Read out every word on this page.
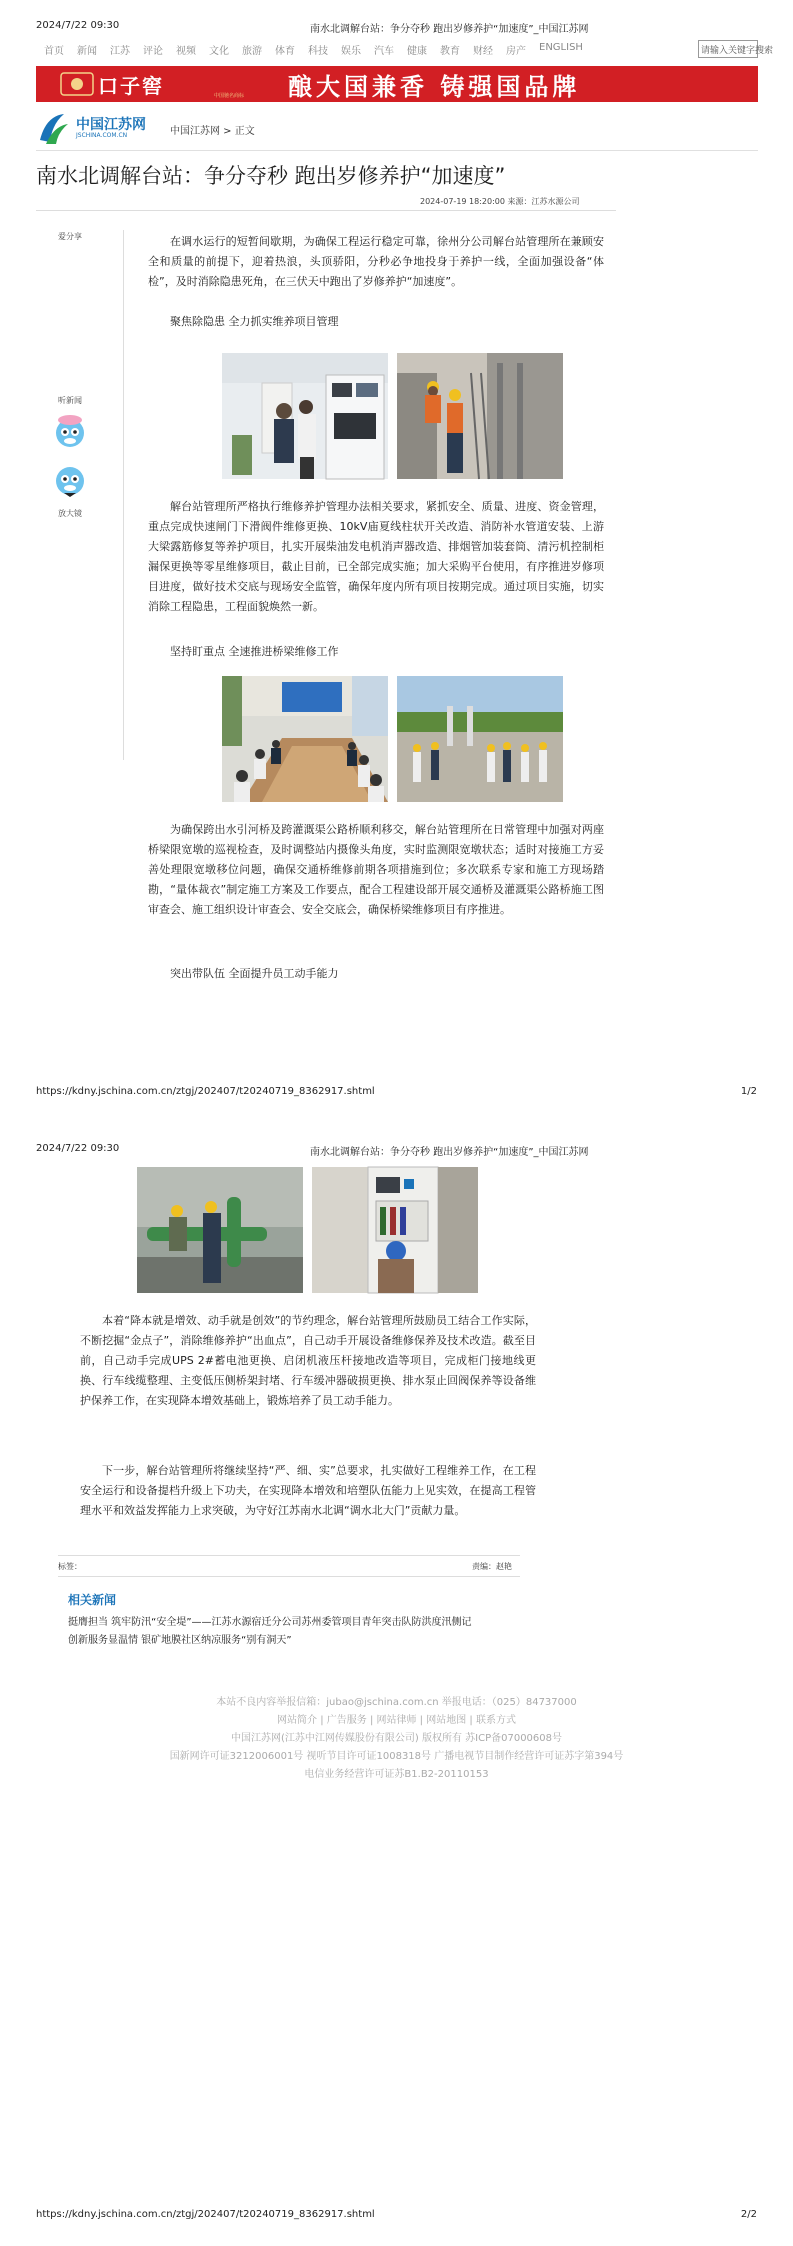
2024/7/22 09:30	南水北调解台站：争分夺秒 跑出岁修养护“加速度”_中国江苏网
首页 新闻 江苏 评论 视频 文化 旅游 体育 科技 娱乐 汽车 健康 教育 财经 房产 ENGLISH	请输入关键字搜索
口子窖	中国驰名商标 酿大国兼香 铸强国品牌
中国江苏网
JSCHINA.COM.CN	中国江苏网 > 正文
南水北调解台站：争分夺秒 跑出岁修养护“加速度”
2024-07-19 18:20:00 来源：江苏水源公司
爱分享
听新闻
放大镜

在调水运行的短暂间歇期，为确保工程运行稳定可靠，徐州分公司解台站管理所在兼顾安全和质量的前提下，迎着热浪，头顶骄阳，分秒必争地投身于养护一线，全面加强设备“体检”，及时消除隐患死角，在三伏天中跑出了岁修养护“加速度”。

聚焦除隐患 全力抓实维养项目管理

解台站管理所严格执行维修养护管理办法相关要求，紧抓安全、质量、进度、资金管理，重点完成快速闸门下滑阀件维修更换、10kV庙夏线柱状开关改造、消防补水管道安装、上游大梁露筋修复等养护项目，扎实开展柴油发电机消声器改造、排烟管加装套筒、清污机控制柜漏保更换等零星维修项目，截止目前，已全部完成实施；加大采购平台使用，有序推进岁修项目进度，做好技术交底与现场安全监管，确保年度内所有项目按期完成。通过项目实施，切实消除工程隐患，工程面貌焕然一新。

坚持盯重点 全速推进桥梁维修工作

为确保跨出水引河桥及跨灌溉渠公路桥顺利移交，解台站管理所在日常管理中加强对两座桥梁限宽墩的巡视检查，及时调整站内摄像头角度，实时监测限宽墩状态；适时对接施工方妥善处理限宽墩移位问题，确保交通桥维修前期各项措施到位；多次联系专家和施工方现场踏勘，“量体裁衣”制定施工方案及工作要点，配合工程建设部开展交通桥及灌溉渠公路桥施工图审查会、施工组织设计审查会、安全交底会，确保桥梁维修项目有序推进。

突出带队伍 全面提升员工动手能力
https://kdny.jschina.com.cn/ztgj/202407/t20240719_8362917.shtml	1/2
2024/7/22 09:30	南水北调解台站：争分夺秒 跑出岁修养护“加速度”_中国江苏网

本着“降本就是增效、动手就是创效”的节约理念，解台站管理所鼓励员工结合工作实际，不断挖掘“金点子”，消除维修养护“出血点”，自己动手开展设备维修保养及技术改造。截至目前，自己动手完成UPS 2#蓄电池更换、启闭机液压杆接地改造等项目，完成柜门接地线更换、行车线缆整理、主变低压侧桥架封堵、行车缓冲器破损更换、排水泵止回阀保养等设备维护保养工作，在实现降本增效基础上，锻炼培养了员工动手能力。

下一步，解台站管理所将继续坚持“严、细、实”总要求，扎实做好工程维养工作，在工程安全运行和设备提档升级上下功夫，在实现降本增效和培塑队伍能力上见实效，在提高工程管理水平和效益发挥能力上求突破，为守好江苏南水北调“调水北大门”贡献力量。

标签：	责编：赵艳
相关新闻
挺膺担当 筑牢防汛“安全堤”——江苏水源宿迁分公司苏州委管项目青年突击队防洪度汛侧记
创新服务显温情 银矿地膜社区纳凉服务“别有洞天”
本站不良内容举报信箱：jubao@jschina.com.cn 举报电话：（025）84737000
网站简介 | 广告服务 | 网站律师 | 网站地图 | 联系方式
中国江苏网(江苏中江网传媒股份有限公司) 版权所有 苏ICP备07000608号
国新网许可证3212006001号 视听节目许可证1008318号 广播电视节目制作经营许可证苏字第394号
电信业务经营许可证苏B1.B2-20110153
https://kdny.jschina.com.cn/ztgj/202407/t20240719_8362917.shtml	2/2
